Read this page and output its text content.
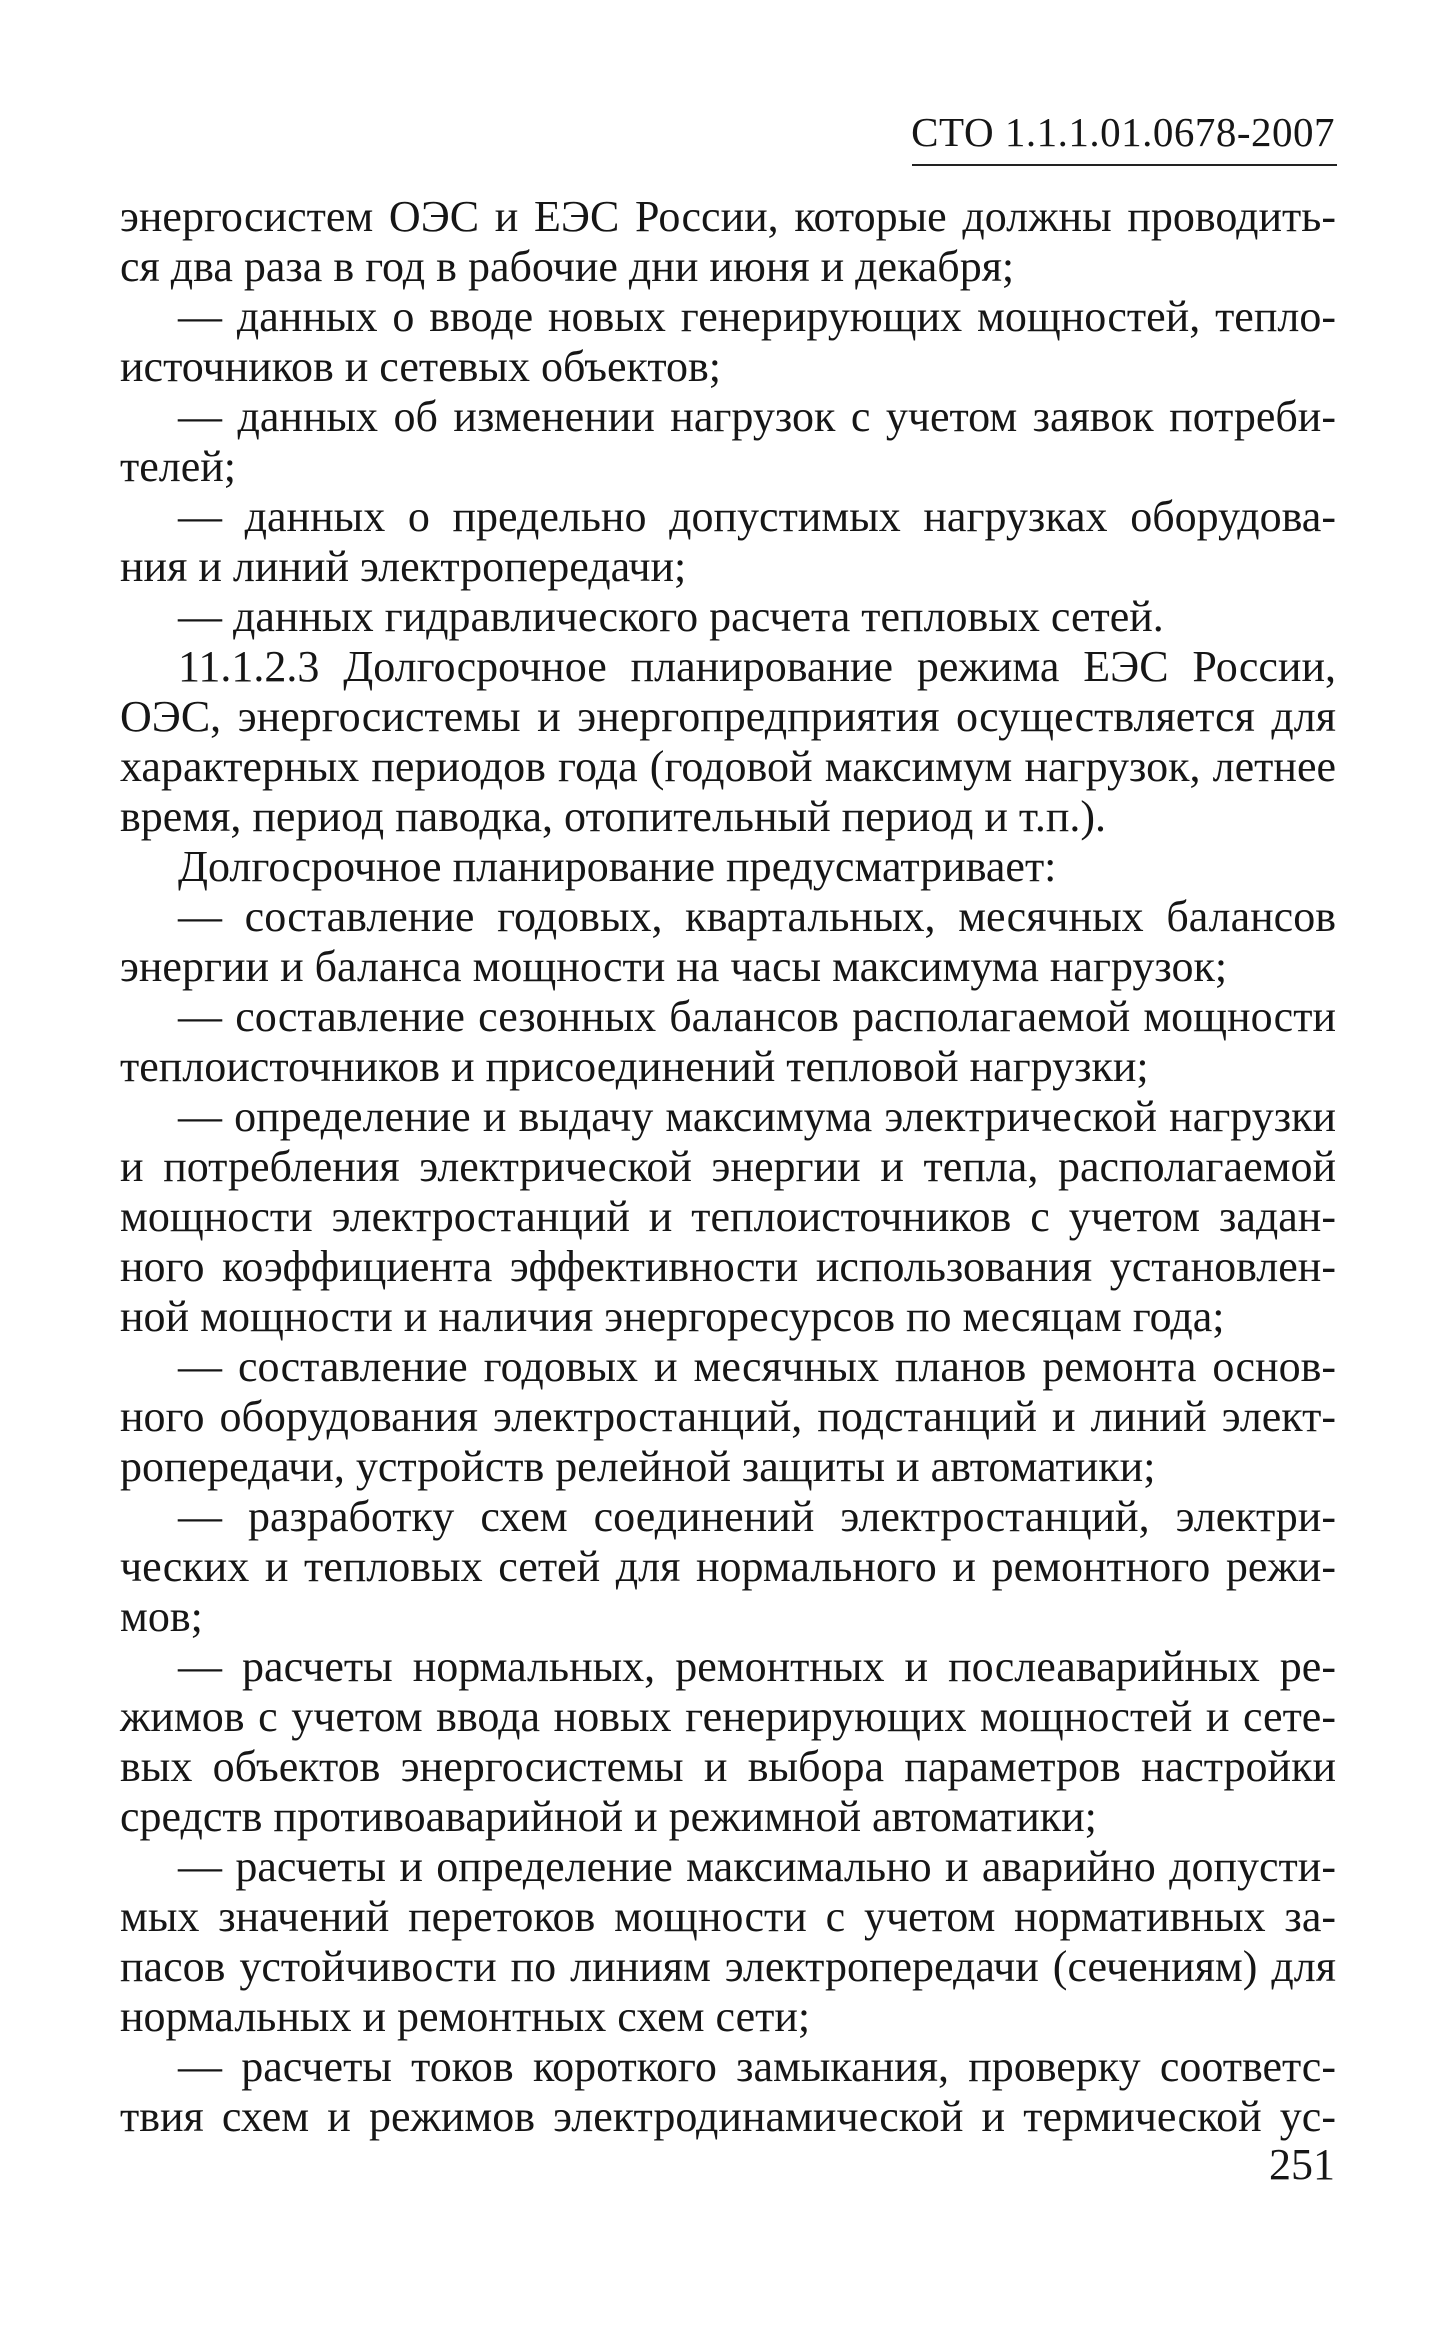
СТО 1.1.1.01.0678-2007
энергосистем ОЭС и ЕЭС России, которые должны проводить-
ся два раза в год в рабочие дни июня и декабря;
— данных о вводе новых генерирующих мощностей, тепло-
источников и сетевых объектов;
— данных об изменении нагрузок с учетом заявок потреби-
телей;
— данных о предельно допустимых нагрузках оборудова-
ния и линий электропередачи;
— данных гидравлического расчета тепловых сетей.
11.1.2.3 Долгосрочное планирование режима ЕЭС России,
ОЭС, энергосистемы и энергопредприятия осуществляется для
характерных периодов года (годовой максимум нагрузок, летнее
время, период паводка, отопительный период и т.п.).
Долгосрочное планирование предусматривает:
— составление годовых, квартальных, месячных балансов
энергии и баланса мощности на часы максимума нагрузок;
— составление сезонных балансов располагаемой мощности
теплоисточников и присоединений тепловой нагрузки;
— определение и выдачу максимума электрической нагрузки
и потребления электрической энергии и тепла, располагаемой
мощности электростанций и теплоисточников с учетом задан-
ного коэффициента эффективности использования установлен-
ной мощности и наличия энергоресурсов по месяцам года;
— составление годовых и месячных планов ремонта основ-
ного оборудования электростанций, подстанций и линий элект-
ропередачи, устройств релейной защиты и автоматики;
— разработку схем соединений электростанций, электри-
ческих и тепловых сетей для нормального и ремонтного режи-
мов;
— расчеты нормальных, ремонтных и послеаварийных ре-
жимов с учетом ввода новых генерирующих мощностей и сете-
вых объектов энергосистемы и выбора параметров настройки
средств противоаварийной и режимной автоматики;
— расчеты и определение максимально и аварийно допусти-
мых значений перетоков мощности с учетом нормативных за-
пасов устойчивости по линиям электропередачи (сечениям) для
нормальных и ремонтных схем сети;
— расчеты токов короткого замыкания, проверку соответс-
твия схем и режимов электродинамической и термической ус-
251
